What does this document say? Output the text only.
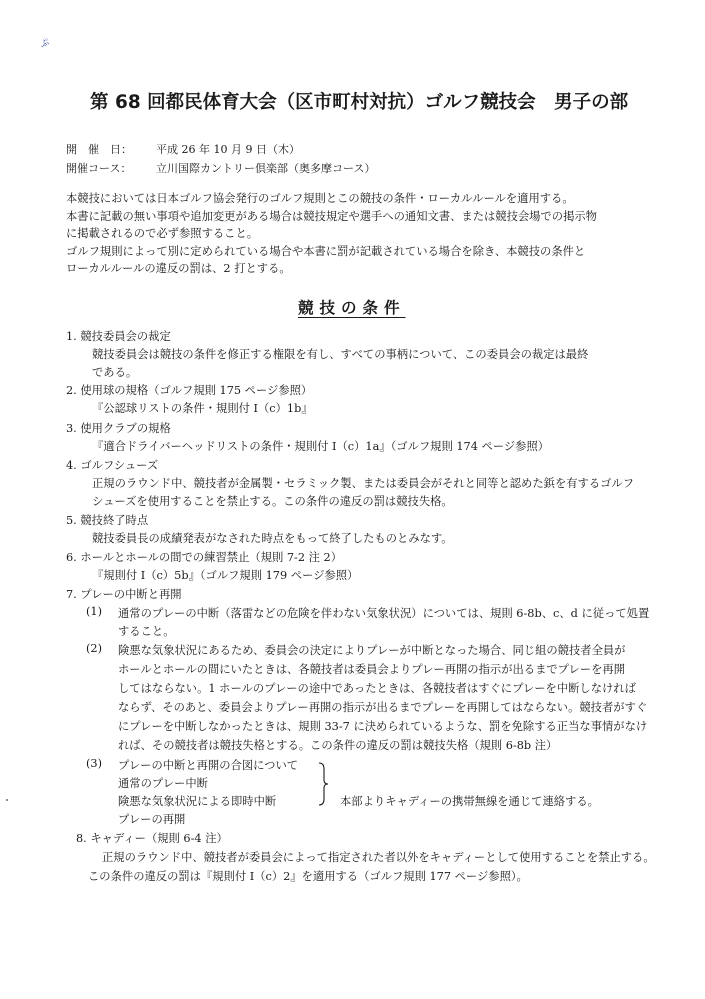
ぷ
第 68 回都民体育大会（区市町村対抗）ゴルフ競技会　男子の部
開　催　日： 平成 26 年 10 月 9 日（木）
開催コース： 立川国際カントリー倶楽部（奥多摩コース）
本競技においては日本ゴルフ協会発行のゴルフ規則とこの競技の条件・ローカルルールを適用する。
本書に記載の無い事項や追加変更がある場合は競技規定や選手への通知文書、または競技会場での掲示物
に掲載されるので必ず参照すること。
ゴルフ規則によって別に定められている場合や本書に罰が記載されている場合を除き、本競技の条件と
ローカルルールの違反の罰は、2 打とする。
競技の条件
1. 競技委員会の裁定
競技委員会は競技の条件を修正する権限を有し、すべての事柄について、この委員会の裁定は最終
である。
2. 使用球の規格（ゴルフ規則 175 ページ参照）
『公認球リストの条件・規則付 I（c）1b』
3. 使用クラブの規格
『適合ドライバーヘッドリストの条件・規則付 I（c）1a』（ゴルフ規則 174 ページ参照）
4. ゴルフシューズ
正規のラウンド中、競技者が金属製・セラミック製、または委員会がそれと同等と認めた鋲を有するゴルフ
シューズを使用することを禁止する。この条件の違反の罰は競技失格。
5. 競技終了時点
競技委員長の成績発表がなされた時点をもって終了したものとみなす。
6. ホールとホールの間での練習禁止（規則 7-2 注 2）
『規則付 I（c）5b』（ゴルフ規則 179 ページ参照）
7. プレーの中断と再開
(1) 通常のプレーの中断（落雷などの危険を伴わない気象状況）については、規則 6-8b、c、d に従って処置
すること。
(2) 険悪な気象状況にあるため、委員会の決定によりプレーが中断となった場合、同じ組の競技者全員が
ホールとホールの間にいたときは、各競技者は委員会よりプレー再開の指示が出るまでプレーを再開
してはならない。1 ホールのプレーの途中であったときは、各競技者はすぐにプレーを中断しなければ
ならず、そのあと、委員会よりプレー再開の指示が出るまでプレーを再開してはならない。競技者がすぐ
にプレーを中断しなかったときは、規則 33-7 に決められているような、罰を免除する正当な事情がなけ
れば、その競技者は競技失格とする。この条件の違反の罰は競技失格（規則 6-8b 注）
(3) プレーの中断と再開の合図について
通常のプレー中断
険悪な気象状況による即時中断
プレーの再開
本部よりキャディーの携帯無線を通じて連絡する。
8. キャディー（規則 6-4 注）
正規のラウンド中、競技者が委員会によって指定された者以外をキャディーとして使用することを禁止する。
この条件の違反の罰は『規則付 I（c）2』を適用する（ゴルフ規則 177 ページ参照）。
